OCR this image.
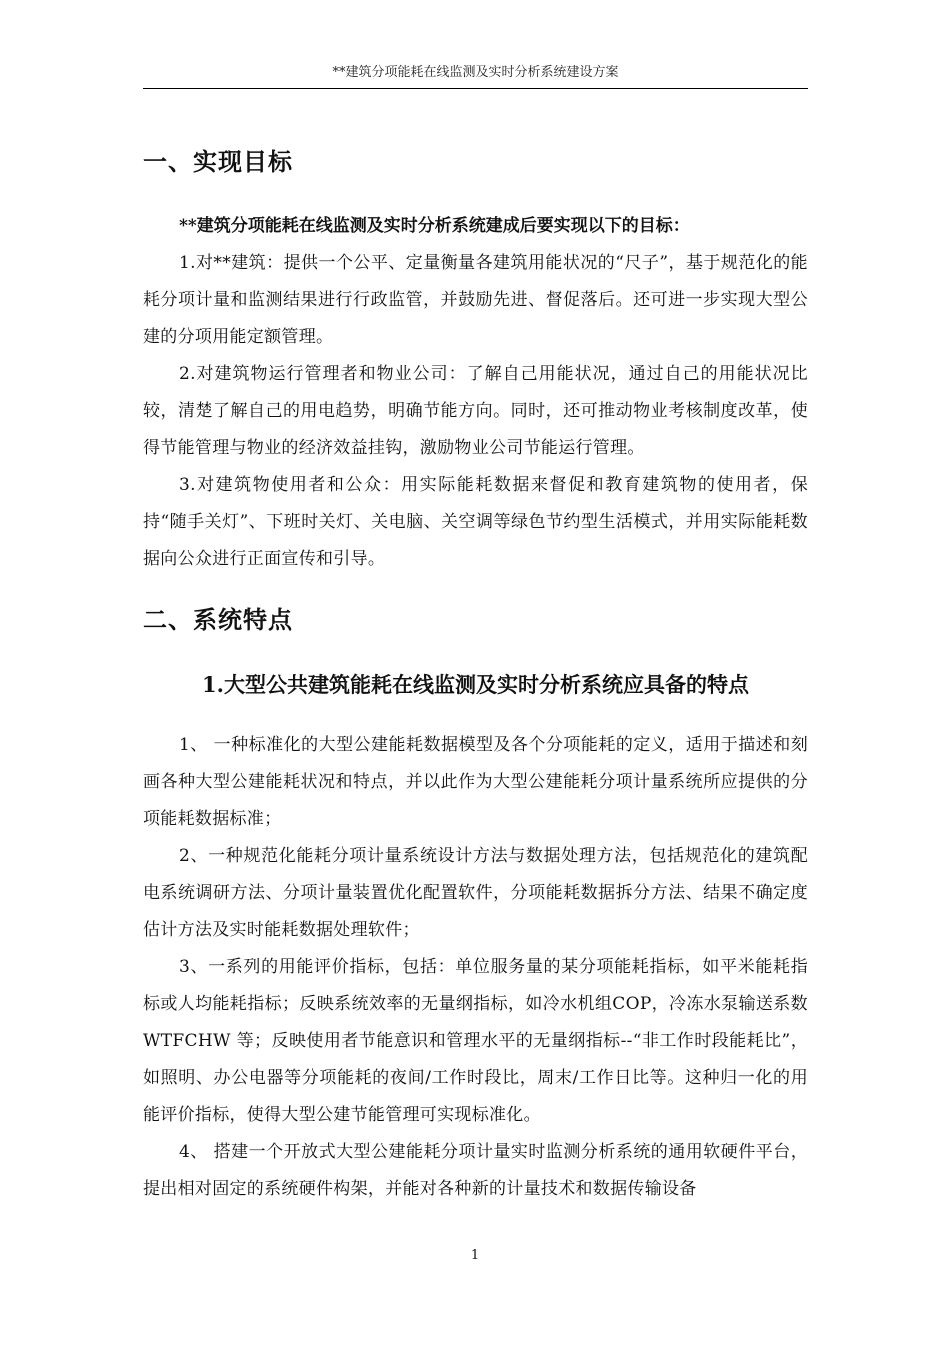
**建筑分项能耗在线监测及实时分析系统建设方案
一、实现目标

**建筑分项能耗在线监测及实时分析系统建成后要实现以下的目标：

1.对**建筑：提供一个公平、定量衡量各建筑用能状况的“尺子”，基于规范化的能耗分项计量和监测结果进行行政监管，并鼓励先进、督促落后。还可进一步实现大型公建的分项用能定额管理。

2.对建筑物运行管理者和物业公司：了解自己用能状况，通过自己的用能状况比较，清楚了解自己的用电趋势，明确节能方向。同时，还可推动物业考核制度改革，使得节能管理与物业的经济效益挂钩，激励物业公司节能运行管理。

3.对建筑物使用者和公众：用实际能耗数据来督促和教育建筑物的使用者，保持“随手关灯”、下班时关灯、关电脑、关空调等绿色节约型生活模式，并用实际能耗数据向公众进行正面宣传和引导。

二、系统特点
1.大型公共建筑能耗在线监测及实时分析系统应具备的特点

1、 一种标准化的大型公建能耗数据模型及各个分项能耗的定义，适用于描述和刻画各种大型公建能耗状况和特点，并以此作为大型公建能耗分项计量系统所应提供的分项能耗数据标准；

2、一种规范化能耗分项计量系统设计方法与数据处理方法，包括规范化的建筑配电系统调研方法、分项计量装置优化配置软件，分项能耗数据拆分方法、结果不确定度估计方法及实时能耗数据处理软件；

3、一系列的用能评价指标，包括：单位服务量的某分项能耗指标，如平米能耗指标或人均能耗指标；反映系统效率的无量纲指标，如冷水机组COP，冷冻水泵输送系数WTFCHW 等；反映使用者节能意识和管理水平的无量纲指标--“非工作时段能耗比”，如照明、办公电器等分项能耗的夜间/工作时段比，周末/工作日比等。这种归一化的用能评价指标，使得大型公建节能管理可实现标准化。

4、 搭建一个开放式大型公建能耗分项计量实时监测分析系统的通用软硬件平台，提出相对固定的系统硬件构架，并能对各种新的计量技术和数据传输设备

1
